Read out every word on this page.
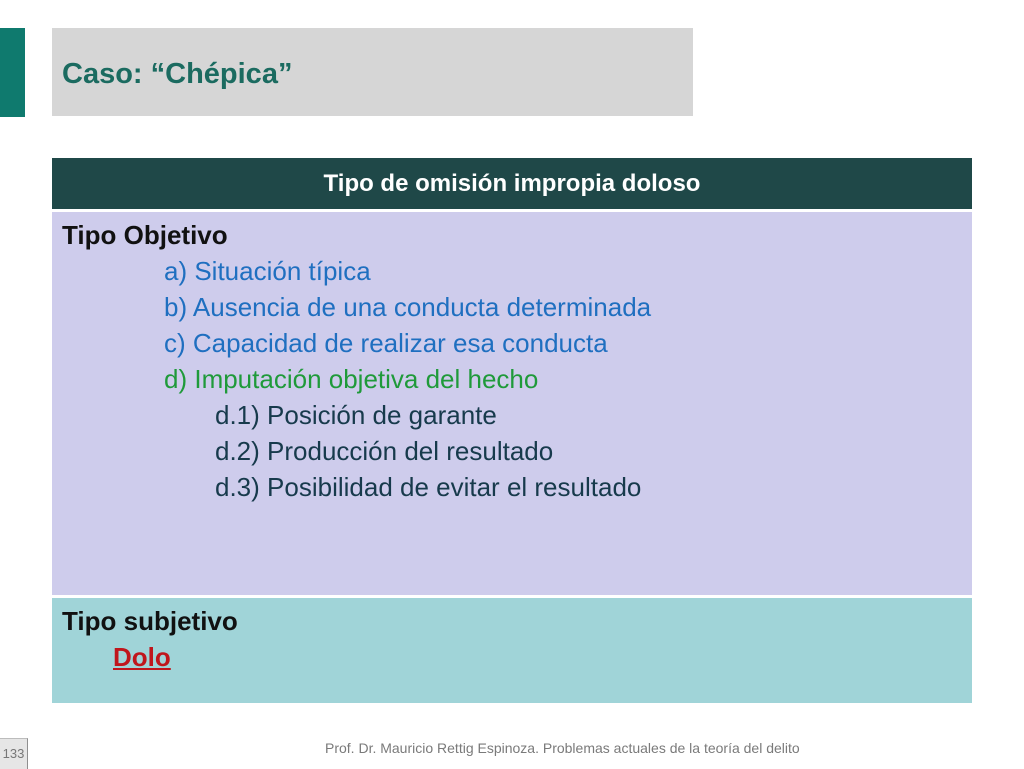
Caso: “Chépica”
Tipo de omisión impropia doloso
Tipo Objetivo
a) Situación típica
b) Ausencia de una conducta determinada
c) Capacidad de realizar esa conducta
d) Imputación objetiva del hecho
d.1) Posición de garante
d.2) Producción del resultado
d.3) Posibilidad de evitar el resultado
Tipo subjetivo
Dolo
133	Prof. Dr. Mauricio Rettig Espinoza. Problemas actuales de la teoría del delito
